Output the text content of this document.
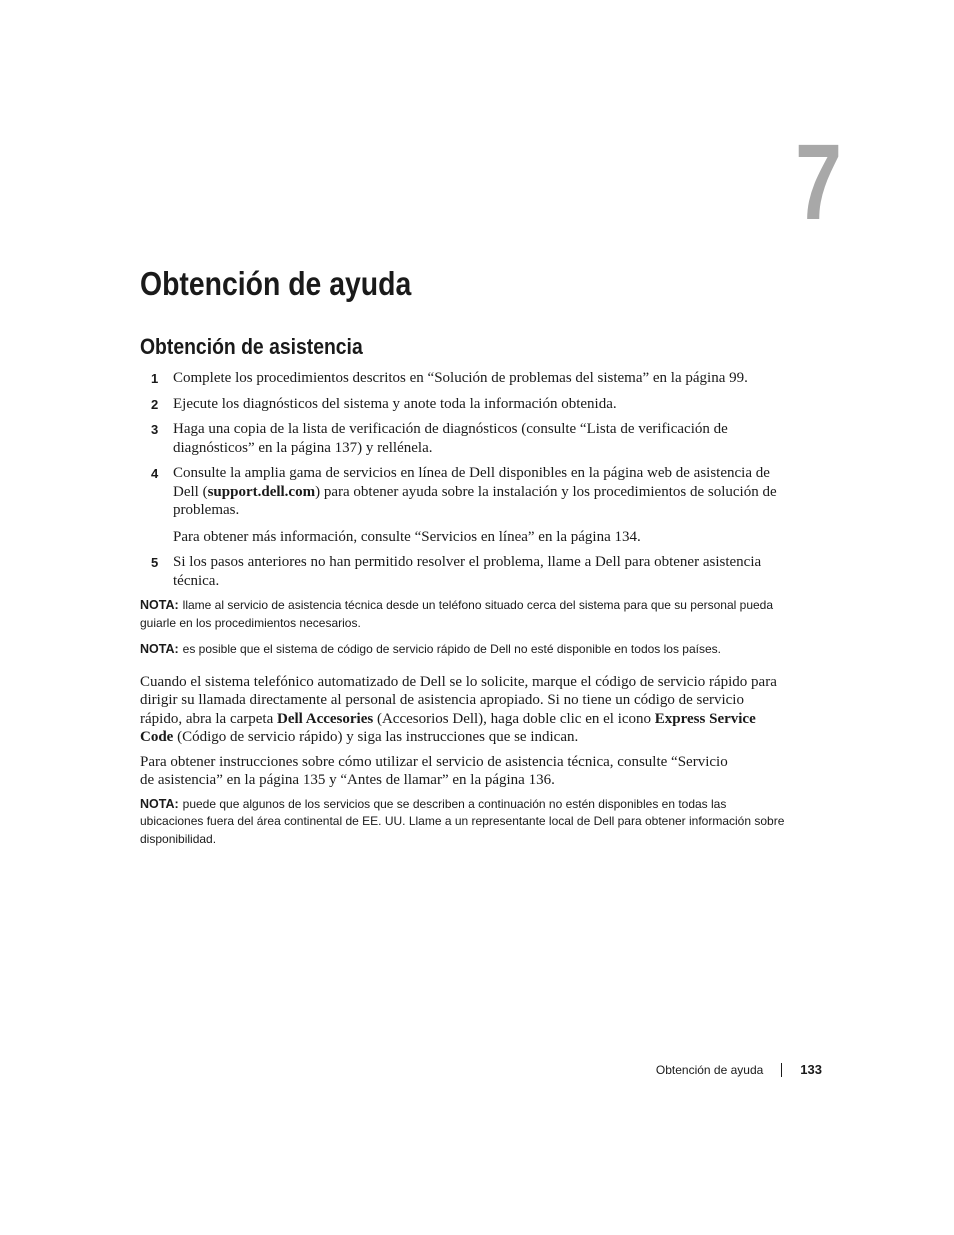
7
Obtención de ayuda
Obtención de asistencia
1 Complete los procedimientos descritos en “Solución de problemas del sistema” en la página 99.

2 Ejecute los diagnósticos del sistema y anote toda la información obtenida.

3 Haga una copia de la lista de verificación de diagnósticos (consulte “Lista de verificación de diagnósticos” en la página 137) y rellénela.

4 Consulte la amplia gama de servicios en línea de Dell disponibles en la página web de asistencia de Dell (support.dell.com) para obtener ayuda sobre la instalación y los procedimientos de solución de problemas.

Para obtener más información, consulte “Servicios en línea” en la página 134.

5 Si los pasos anteriores no han permitido resolver el problema, llame a Dell para obtener asistencia técnica.

NOTA: llame al servicio de asistencia técnica desde un teléfono situado cerca del sistema para que su personal pueda guiarle en los procedimientos necesarios.

NOTA: es posible que el sistema de código de servicio rápido de Dell no esté disponible en todos los países.

Cuando el sistema telefónico automatizado de Dell se lo solicite, marque el código de servicio rápido para dirigir su llamada directamente al personal de asistencia apropiado. Si no tiene un código de servicio rápido, abra la carpeta Dell Accesories (Accesorios Dell), haga doble clic en el icono Express Service Code (Código de servicio rápido) y siga las instrucciones que se indican.

Para obtener instrucciones sobre cómo utilizar el servicio de asistencia técnica, consulte “Servicio
de asistencia” en la página 135 y “Antes de llamar” en la página 136.

NOTA: puede que algunos de los servicios que se describen a continuación no estén disponibles en todas las ubicaciones fuera del área continental de EE. UU. Llame a un representante local de Dell para obtener información sobre disponibilidad.

Obtención de ayuda	133
